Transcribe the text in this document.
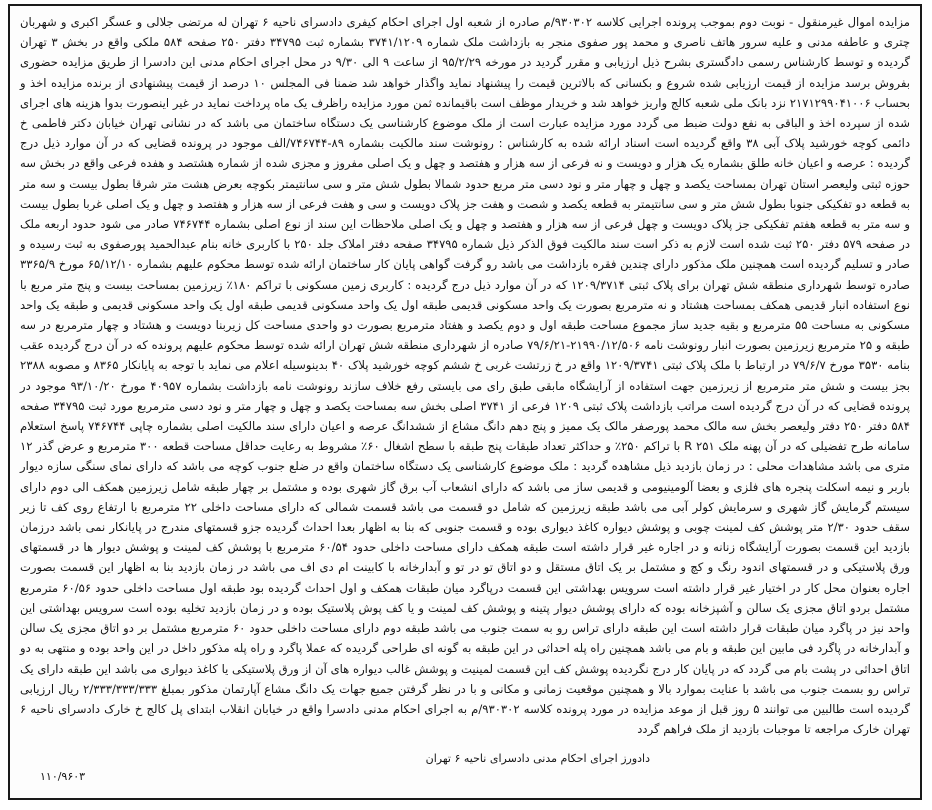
مزایده اموال غیرمنقول - نوبت دوم بموجب پرونده اجرایی کلاسه ۹۳۰۳۰۲/م صادره از شعبه اول اجرای احکام کیفری دادسرای ناحیه ۶ تهران له مرتضی جلالی و عسگر اکبری و شهربان چتری و عاطفه مدنی و علیه سرور هاتف ناصری و محمد پور صفوی منجر به بازداشت ملک شماره ۳۷۴۱/۱۲۰۹ بشماره ثبت ۳۴۷۹۵ دفتر ۲۵۰ صفحه ۵۸۴ ملکی واقع در بخش ۳ تهران گردیده و توسط کارشناس رسمی دادگستری بشرح ذیل ارزیابی و مقرر گردید در مورخه ۹۵/۲/۲۹ از ساعت ۹ الی ۹/۳۰ در محل اجرای احکام مدنی این دادسرا از طریق مزایده حضوری بفروش برسد مزایده از قیمت ارزیابی شده شروع و بکسانی که بالاترین قیمت را پیشنهاد نماید واگذار خواهد شد ضمنا فی المجلس ۱۰ درصد از قیمت پیشنهادی از برنده مزایده اخذ و بحساب ۲۱۷۱۲۹۹۰۴۱۰۰۶ نزد بانک ملی شعبه کالج واریز خواهد شد و خریدار موظف است باقیمانده ثمن مورد مزایده راظرف یک ماه پرداخت نماید در غیر اینصورت بدوا هزینه های اجرای شده از سپرده اخذ و الباقی به نفع دولت ضبط می گردد مورد مزایده عبارت است از ملک موضوع کارشناسی یک دستگاه ساختمان می باشد که در نشانی تهران خیابان دکتر فاطمی خ دائمی کوچه خورشید پلاک آبی ۳۸ واقع گردیده است اسناد ارائه شده به کارشناس : رونوشت سند مالکیت بشماره ۸۹-۷۴۶۷۴۴/الف موجود در پرونده قضایی که در آن موارد ذیل درج گردیده : عرصه و اعیان خانه طلق بشماره یک هزار و دویست و نه فرعی از سه هزار و هفتصد و چهل و یک اصلی مفروز و مجزی شده از شماره هشتصد و هفده فرعی واقع در بخش سه حوزه ثبتی ولیعصر استان تهران بمساحت یکصد و چهل و چهار متر و نود دسی متر مربع حدود شمالا بطول شش متر و سی سانتیمتر بکوچه بعرض هشت متر شرقا بطول بیست و سه متر به قطعه دو تفکیکی جنوبا بطول شش متر و سی سانتیمتر به قطعه یکصد و شصت و هفت جز پلاک دویست و سی و هفت فرعی از سه هزار و هفتصد و چهل و یک اصلی غربا بطول بیست و سه متر به قطعه هفتم تفکیکی جز پلاک دویست و چهل فرعی از سه هزار و هفتصد و چهل و یک اصلی ملاحظات این سند از نوع اصلی بشماره ۷۴۶۷۴۴ صادر می شود حدود اربعه ملک در صفحه ۵۷۹ دفتر ۲۵۰ ثبت شده است لازم به ذکر است سند مالکیت فوق الذکر ذیل شماره ۳۴۷۹۵ صفحه دفتر املاک جلد ۲۵۰ با کاربری خانه بنام عبدالحمید پورصفوی به ثبت رسیده و صادر و تسلیم گردیده است همچنین ملک مذکور دارای چندین فقره بازداشت می باشد رو گرفت گواهی پایان کار ساختمان ارائه شده توسط محکوم علیهم بشماره ۶۵/۱۲/۱۰ مورخ ۳۳۶۵/۹ صادره توسط شهرداری منطقه شش تهران برای پلاک ثبتی ۱۲۰۹/۳۷۱۴ که در آن موارد ذیل درج گردیده : کاربری زمین مسکونی با تراکم ۱۸۰٪ زیرزمین بمساحت بیست و پنج متر مربع با نوع استفاده انبار قدیمی همکف بمساحت هشتاد و نه مترمربع بصورت یک واحد مسکونی قدیمی طبقه اول یک واحد مسکونی قدیمی طبقه اول یک واحد مسکونی قدیمی و طبقه یک واحد مسکونی به مساحت ۵۵ مترمربع و بقیه جدید ساز مجموع مساحت طبقه اول و دوم یکصد و هفتاد مترمربع بصورت دو واحدی مساحت کل زیربنا دویست و هشتاد و چهار مترمربع در سه طبقه و ۲۵ مترمربع زیرزمین بصورت انبار رونوشت نامه ۲۱۹۹۰/۱۲/۵۰۶-۷۹/۶/۲۱ صادره از شهرداری منطقه شش تهران ارائه شده توسط محکوم علیهم پرونده که در آن درج گردیده عقب بنامه ۳۵۳۰ مورخ ۷۹/۶/۷ در ارتباط با ملک پلاک ثبتی ۱۲۰۹/۳۷۴۱ واقع در خ زرتشت غربی خ ششم کوچه خورشید پلاک ۴۰ بدینوسیله اعلام می نماید با توجه به پایانکار ۸۳۶۵ و مصوبه ۲۳۸۸ بجز بیست و شش متر مترمربع از زیرزمین جهت استفاده از آرایشگاه مابقی طبق رای می بایستی رفع خلاف سازند رونوشت نامه بازداشت بشماره ۴۰۹۵۷ مورخ ۹۳/۱۰/۲۰ موجود در پرونده قضایی که در آن درج گردیده است مراتب بازداشت پلاک ثبتی ۱۲۰۹ فرعی از ۳۷۴۱ اصلی بخش سه بمساحت یکصد و چهل و چهار متر و نود دسی مترمربع مورد ثبت ۳۴۷۹۵ صفحه ۵۸۴ دفتر ۲۵۰ دفتر ولیعصر بخش سه مالک محمد پورصفر مالک یک ممیز و پنج دهم دانگ مشاع از ششدانگ عرصه و اعیان دارای سند مالکیت اصلی بشماره چاپی ۷۴۶۷۴۴ پاسخ استعلام سامانه طرح تفضیلی که در آن پهنه ملک R ۲۵۱ با تراکم ۲۵۰٪ و حداکثر تعداد طبقات پنج طبقه با سطح اشغال ۶۰٪ مشروط به رعایت حداقل مساحت قطعه ۳۰۰ مترمربع و عرض گذر ۱۲ متری می باشد مشاهدات محلی : در زمان بازدید ذیل مشاهده گردید : ملک موضوع کارشناسی یک دستگاه ساختمان واقع در ضلع جنوب کوچه می باشد که دارای نمای سنگی سازه دیوار باربر و نیمه اسکلت پنجره های فلزی و بعضا آلومینیومی و قدیمی ساز می باشد که دارای انشعاب آب برق گاز شهری بوده و مشتمل بر چهار طبقه شامل زیرزمین همکف الی دوم دارای سیستم گرمایش گاز شهری و سرمایش کولر آبی می باشد طبقه زیرزمین که شامل دو قسمت می باشد قسمت شمالی که دارای مساحت داخلی ۲۲ مترمربع با ارتفاع روی کف تا زیر سقف حدود ۲/۳۰ متر پوشش کف لمینت چوبی و پوشش دیواره کاغذ دیواری بوده و قسمت جنوبی که بنا به اظهار بعدا احداث گردیده جزو قسمتهای مندرج در پایانکار نمی باشد درزمان بازدید این قسمت بصورت آرایشگاه زنانه و در اجاره غیر قرار داشته است طبقه همکف دارای مساحت داخلی حدود ۶۰/۵۴ مترمربع با پوشش کف لمینت و پوشش دیوار ها در قسمتهای ورق پلاستیکی و در قسمتهای اندود رنگ و کچ و مشتمل بر یک اتاق مستقل و دو اتاق تو در تو و آبدارخانه با کابینت ام دی اف می باشد در زمان بازدید بنا به اظهار این قسمت بصورت اجاره بعنوان محل کار در اختیار غیر قرار داشته است سرویس بهداشتی این قسمت درپاگرد میان طبقات همکف و اول احداث گردیده بود طبقه اول مساحت داخلی حدود ۶۰/۵۶ مترمربع مشتمل بردو اتاق مجزی یک سالن و آشپزخانه بوده که دارای پوشش دیوار پتینه و پوشش کف لمینت و یا کف پوش پلاستیک بوده و در زمان بازدید تخلیه بوده است سرویس بهداشتی این واحد نیز در پاگرد میان طبقات قرار داشته است این طبقه دارای تراس رو به سمت جنوب می باشد طبقه دوم دارای مساحت داخلی حدود ۶۰ مترمربع مشتمل بر دو اتاق مجزی یک سالن و آبدارخانه در پاگرد فی مابین این طبقه و بام می باشد همچنین راه پله احداثی در این طبقه به گونه ای طراحی گردیده که عملا پاگرد و راه پله مذکور داخل در این واحد بوده و منتهی به دو اتاق احداثی در پشت بام می گردد که در پایان کار درج نگردیده پوشش کف این قسمت لمینیت و پوشش غالب دیواره های آن از ورق پلاستیکی یا کاغذ دیواری می باشد این طبقه دارای یک تراس رو بسمت جنوب می باشد با عنایت بموارد بالا و همچنین موقعیت زمانی و مکانی و با در نظر گرفتن جمیع جهات یک دانگ مشاع آپارتمان مذکور بمبلغ ۲/۳۳۳/۳۳۳/۳۳۳ ریال ارزیابی گردیده است طالبین می توانند ۵ روز قبل از موعد مزایده در مورد پرونده کلاسه ۹۳۰۳۰۲/م به اجرای احکام مدنی دادسرا واقع در خیابان انقلاب ابتدای پل کالج خ خارک دادسرای ناحیه ۶ تهران خارک مراجعه تا موجبات بازدید از ملک فراهم گردد

دادورز اجرای احکام مدنی دادسرای ناحیه ۶ تهران
۱۱۰/۹۶۰۳
